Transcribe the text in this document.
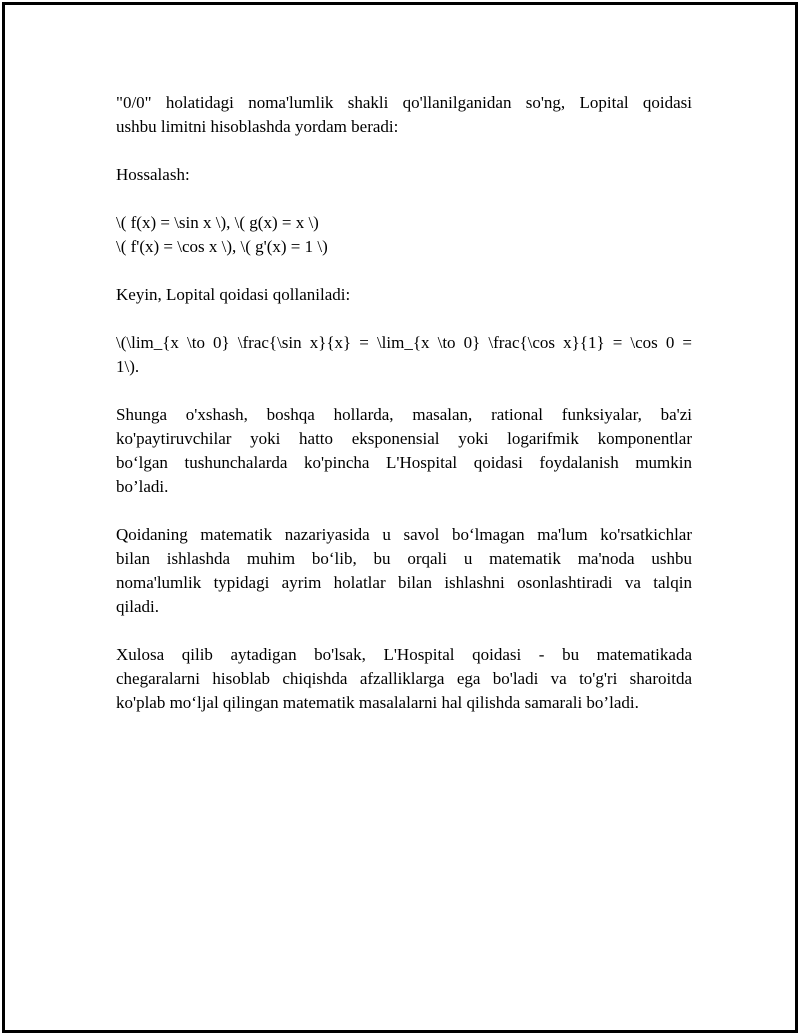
"0/0" holatidagi noma'lumlik shakli qo'llanilganidan so'ng, Lopital qoidasi
ushbu limitni hisoblashda yordam beradi:

Hossalash:

\( f(x) = \sin x \), \( g(x) = x \)
\( f'(x) = \cos x \), \( g'(x) = 1 \)

Keyin, Lopital qoidasi qollaniladi:

\(\lim_{x \to 0} \frac{\sin x}{x} = \lim_{x \to 0} \frac{\cos x}{1} = \cos 0 =
1\).

Shunga o'xshash, boshqa hollarda, masalan, rational funksiyalar, ba'zi
ko'paytiruvchilar yoki hatto eksponensial yoki logarifmik komponentlar
bo‘lgan tushunchalarda ko'pincha L'Hospital qoidasi foydalanish mumkin
bo’ladi.

Qoidaning matematik nazariyasida u savol bo‘lmagan ma'lum ko'rsatkichlar
bilan ishlashda muhim bo‘lib, bu orqali u matematik ma'noda ushbu
noma'lumlik typidagi ayrim holatlar bilan ishlashni osonlashtiradi va talqin
qiladi.

Xulosa qilib aytadigan bo'lsak, L'Hospital qoidasi - bu matematikada
chegaralarni hisoblab chiqishda afzalliklarga ega bo'ladi va to'g'ri sharoitda
ko'plab mo‘ljal qilingan matematik masalalarni hal qilishda samarali bo’ladi.
